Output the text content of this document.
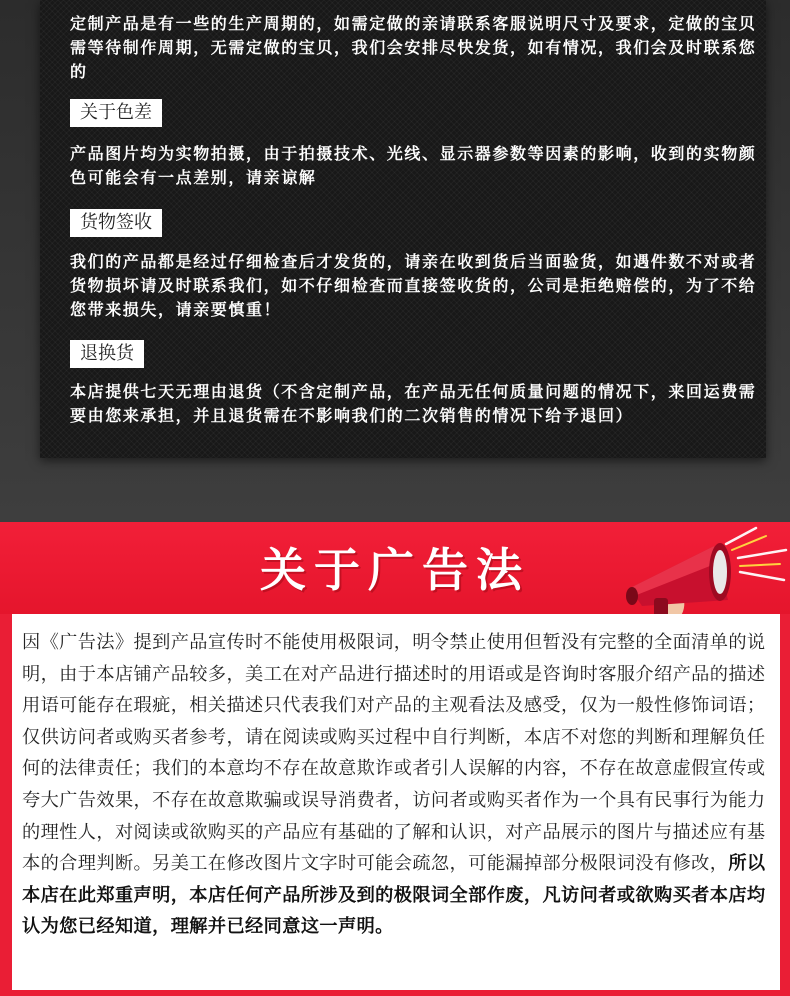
定制产品是有一些的生产周期的，如需定做的亲请联系客服说明尺寸及要求，定做的宝贝需等待制作周期，无需定做的宝贝，我们会安排尽快发货，如有情况，我们会及时联系您的

关于色差

产品图片均为实物拍摄，由于拍摄技术、光线、显示器参数等因素的影响，收到的实物颜色可能会有一点差别，请亲谅解

货物签收

我们的产品都是经过仔细检查后才发货的，请亲在收到货后当面验货，如遇件数不对或者货物损坏请及时联系我们，如不仔细检查而直接签收货的，公司是拒绝赔偿的，为了不给您带来损失，请亲要慎重！

退换货

本店提供七天无理由退货（不含定制产品，在产品无任何质量问题的情况下，来回运费需要由您来承担，并且退货需在不影响我们的二次销售的情况下给予退回）

关于广告法

因《广告法》提到产品宣传时不能使用极限词，明令禁止使用但暂没有完整的全面清单的说明，由于本店铺产品较多，美工在对产品进行描述时的用语或是咨询时客服介绍产品的描述用语可能存在瑕疵，相关描述只代表我们对产品的主观看法及感受，仅为一般性修饰词语；仅供访问者或购买者参考，请在阅读或购买过程中自行判断，本店不对您的判断和理解负任何的法律责任；我们的本意均不存在故意欺诈或者引人误解的内容，不存在故意虚假宣传或夸大广告效果，不存在故意欺骗或误导消费者，访问者或购买者作为一个具有民事行为能力的理性人，对阅读或欲购买的产品应有基础的了解和认识，对产品展示的图片与描述应有基本的合理判断。另美工在修改图片文字时可能会疏忽，可能漏掉部分极限词没有修改，所以本店在此郑重声明，本店任何产品所涉及到的极限词全部作废，凡访问者或欲购买者本店均认为您已经知道，理解并已经同意这一声明。
